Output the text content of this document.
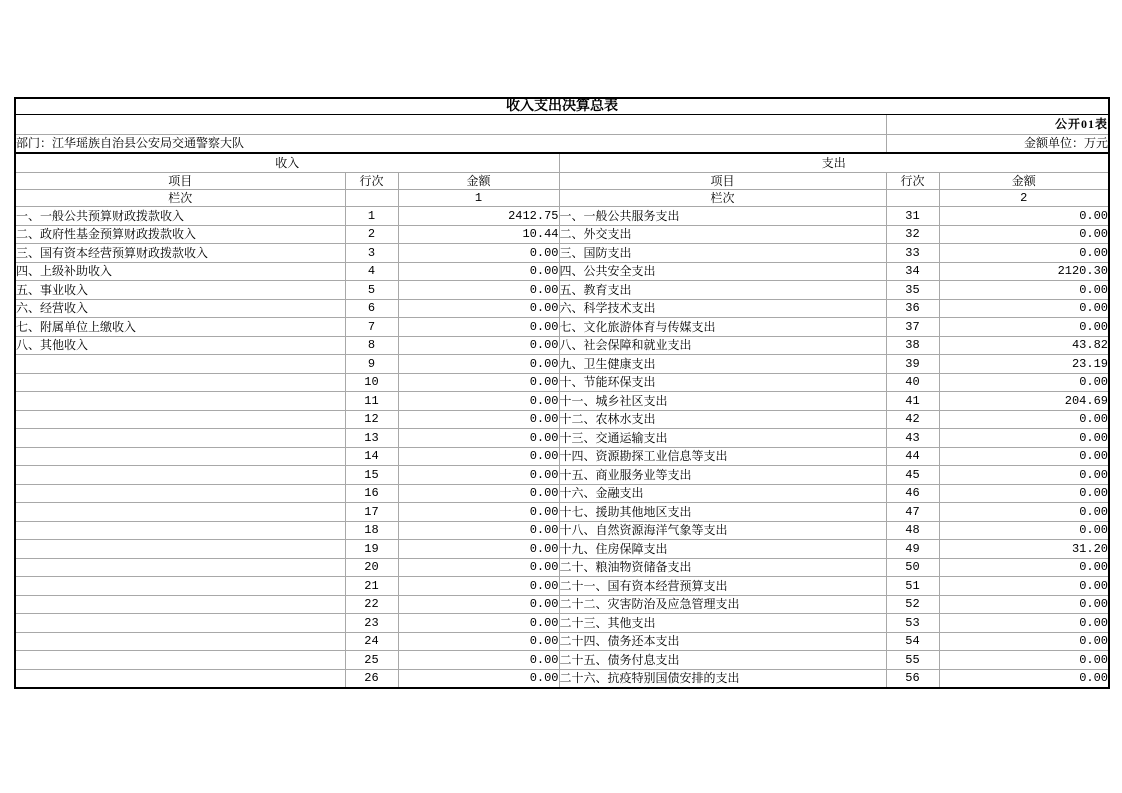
收入支出决算总表					
				公开01表	
部门：江华瑶族自治县公安局交通警察大队				金额单位：万元	
收入			支出		
项目	行次	金额	项目	行次	金额
栏次		1	栏次		2
一、一般公共预算财政拨款收入	1	2412.75	一、一般公共服务支出	31	0.00
二、政府性基金预算财政拨款收入	2	10.44	二、外交支出	32	0.00
三、国有资本经营预算财政拨款收入	3	0.00	三、国防支出	33	0.00
四、上级补助收入	4	0.00	四、公共安全支出	34	2120.30
五、事业收入	5	0.00	五、教育支出	35	0.00
六、经营收入	6	0.00	六、科学技术支出	36	0.00
七、附属单位上缴收入	7	0.00	七、文化旅游体育与传媒支出	37	0.00
八、其他收入	8	0.00	八、社会保障和就业支出	38	43.82
	9	0.00	九、卫生健康支出	39	23.19
	10	0.00	十、节能环保支出	40	0.00
	11	0.00	十一、城乡社区支出	41	204.69
	12	0.00	十二、农林水支出	42	0.00
	13	0.00	十三、交通运输支出	43	0.00
	14	0.00	十四、资源勘探工业信息等支出	44	0.00
	15	0.00	十五、商业服务业等支出	45	0.00
	16	0.00	十六、金融支出	46	0.00
	17	0.00	十七、援助其他地区支出	47	0.00
	18	0.00	十八、自然资源海洋气象等支出	48	0.00
	19	0.00	十九、住房保障支出	49	31.20
	20	0.00	二十、粮油物资储备支出	50	0.00
	21	0.00	二十一、国有资本经营预算支出	51	0.00
	22	0.00	二十二、灾害防治及应急管理支出	52	0.00
	23	0.00	二十三、其他支出	53	0.00
	24	0.00	二十四、债务还本支出	54	0.00
	25	0.00	二十五、债务付息支出	55	0.00
	26	0.00	二十六、抗疫特别国债安排的支出	56	0.00
